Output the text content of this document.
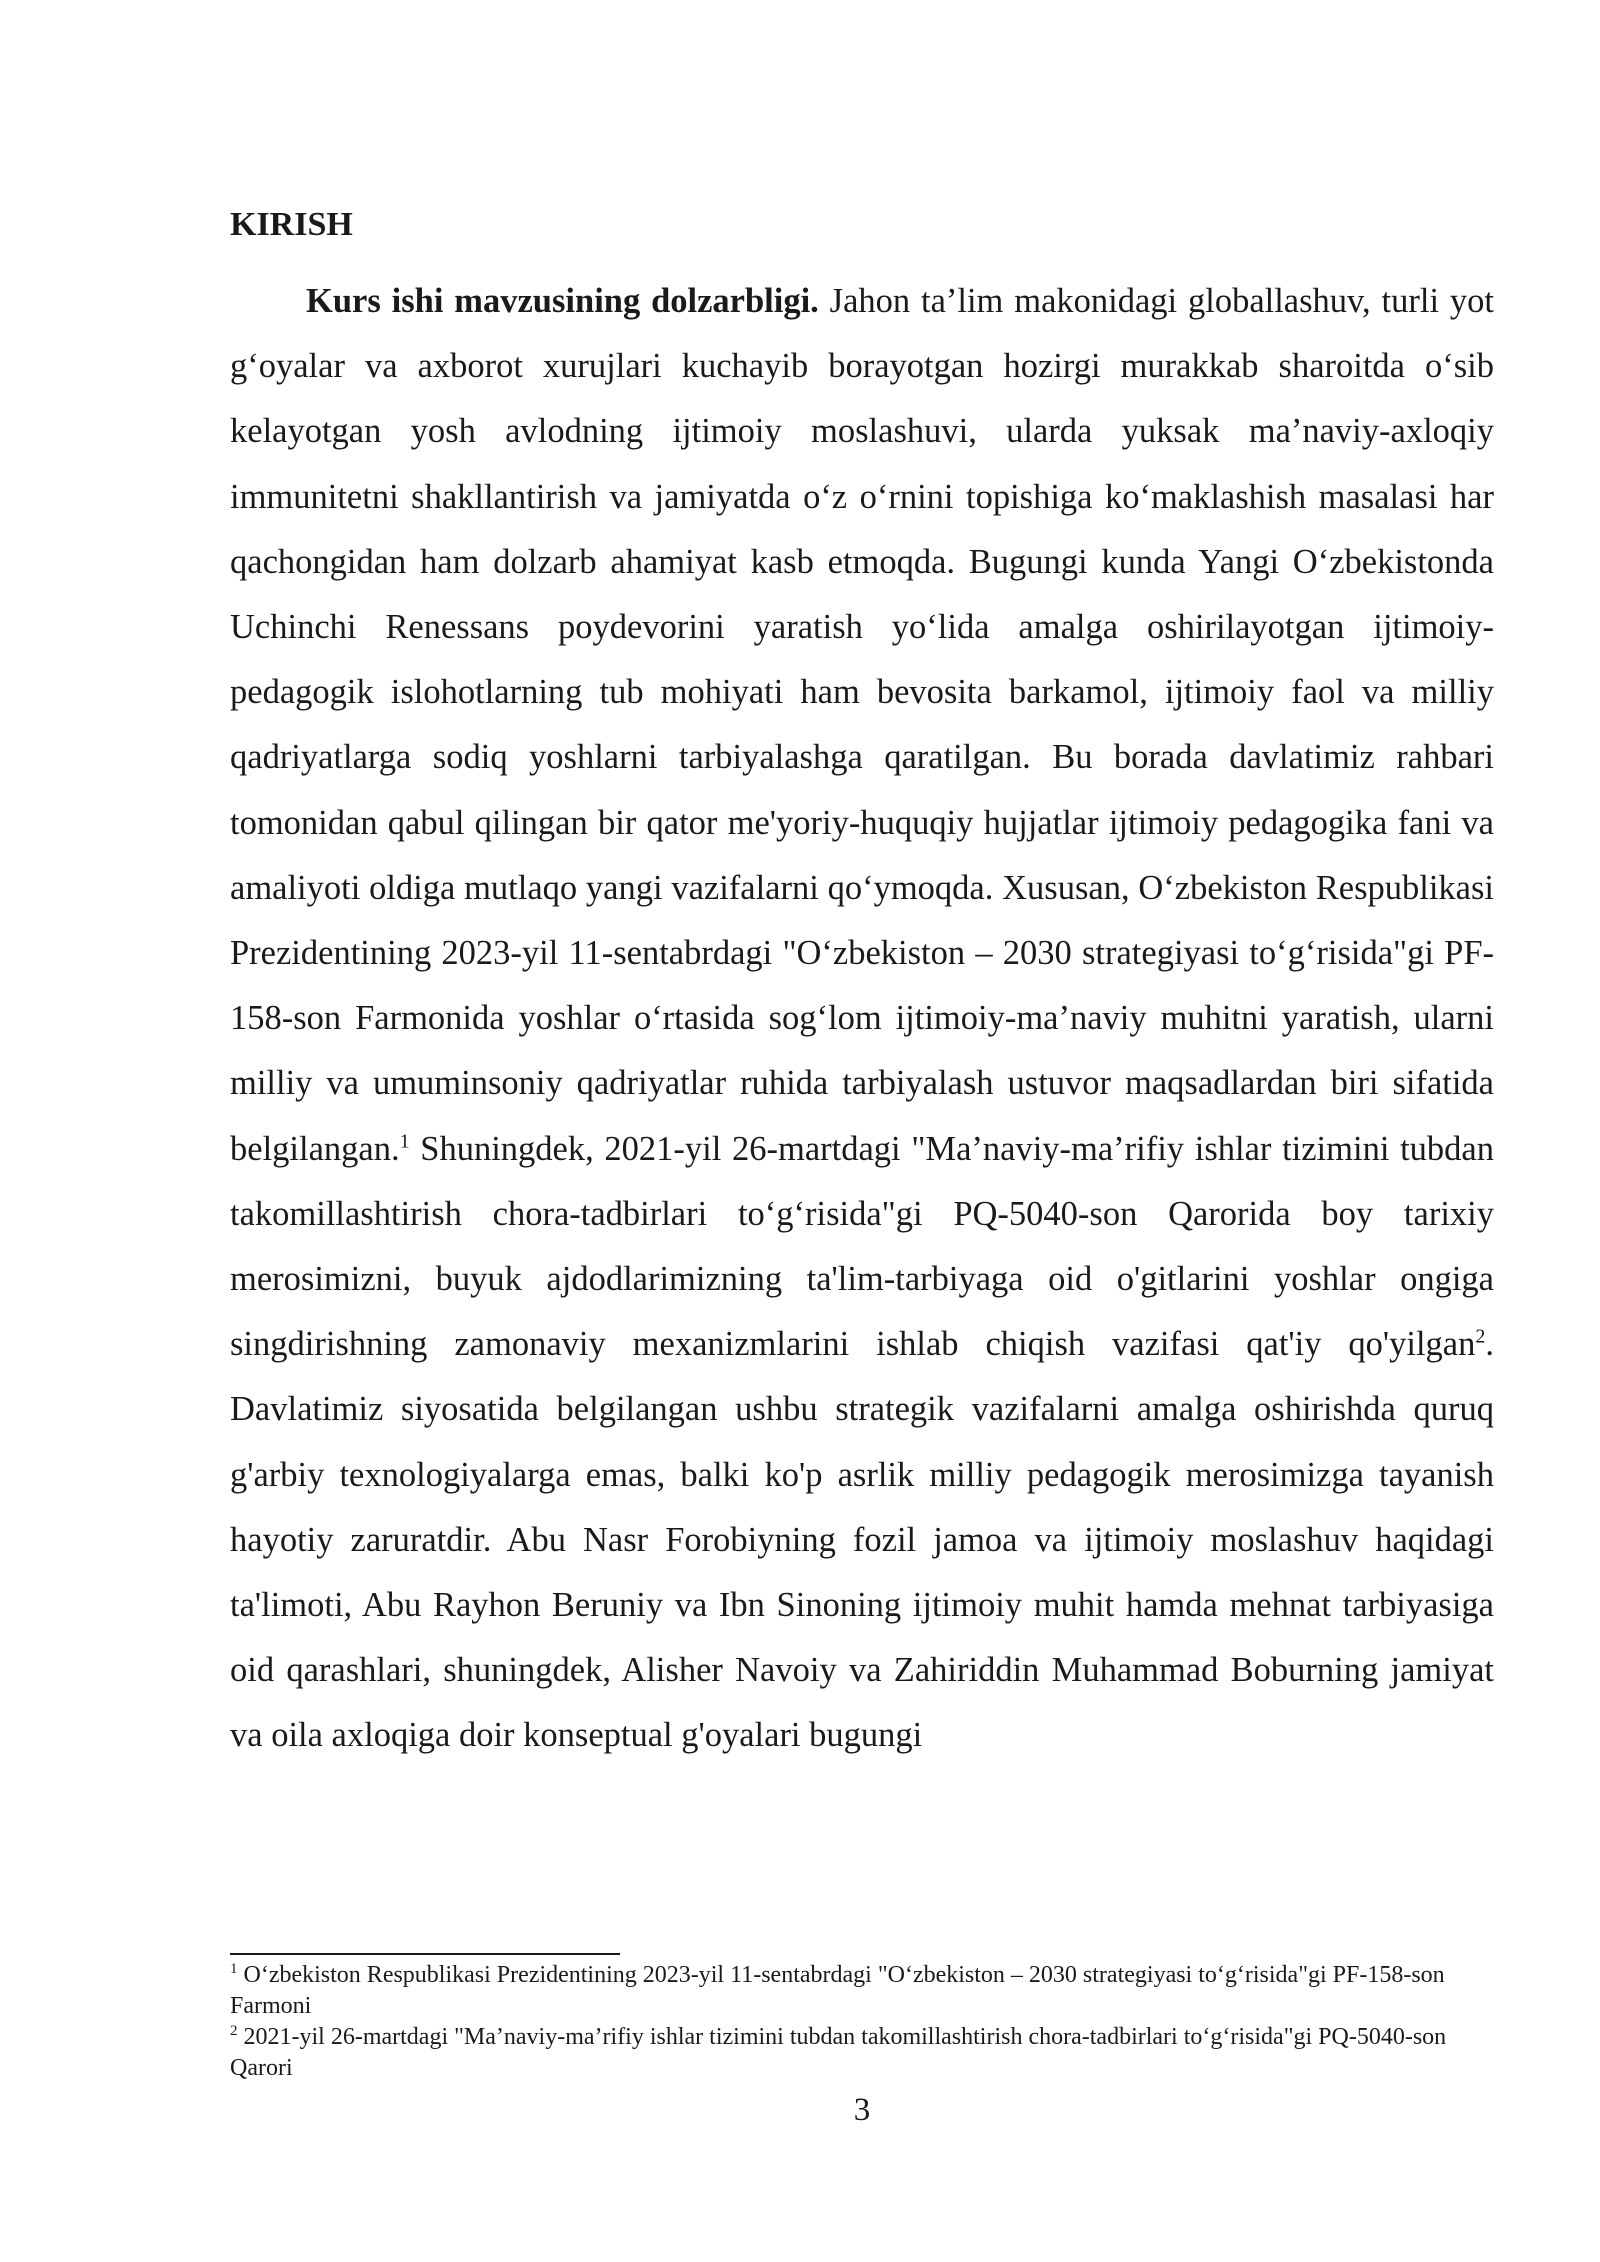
KIRISH

Kurs ishi mavzusining dolzarbligi. Jahon ta’lim makonidagi globallashuv, turli yot g‘oyalar va axborot xurujlari kuchayib borayotgan hozirgi murakkab sharoitda o‘sib kelayotgan yosh avlodning ijtimoiy moslashuvi, ularda yuksak ma’naviy-axloqiy immunitetni shakllantirish va jamiyatda o‘z o‘rnini topishiga ko‘maklashish masalasi har qachongidan ham dolzarb ahamiyat kasb etmoqda. Bugungi kunda Yangi O‘zbekistonda Uchinchi Renessans poydevorini yaratish yo‘lida amalga oshirilayotgan ijtimoiy-pedagogik islohotlarning tub mohiyati ham bevosita barkamol, ijtimoiy faol va milliy qadriyatlarga sodiq yoshlarni tarbiyalashga qaratilgan. Bu borada davlatimiz rahbari tomonidan qabul qilingan bir qator me'yoriy-huquqiy hujjatlar ijtimoiy pedagogika fani va amaliyoti oldiga mutlaqo yangi vazifalarni qo‘ymoqda. Xususan, O‘zbekiston Respublikasi Prezidentining 2023-yil 11-sentabrdagi "O‘zbekiston – 2030 strategiyasi to‘g‘risida"gi PF-158-son Farmonida yoshlar o‘rtasida sog‘lom ijtimoiy-ma’naviy muhitni yaratish, ularni milliy va umuminsoniy qadriyatlar ruhida tarbiyalash ustuvor maqsadlardan biri sifatida belgilangan.$^1$ Shuningdek, 2021-yil 26-martdagi "Ma’naviy-ma’rifiy ishlar tizimini tubdan takomillashtirish chora-tadbirlari to‘g‘risida"gi PQ-5040-son Qarorida boy tarixiy merosimizni, buyuk ajdodlarimizning ta'lim-tarbiyaga oid o'gitlarini yoshlar ongiga singdirishning zamonaviy mexanizmlarini ishlab chiqish vazifasi qat'iy qo'yilgan$^2$. Davlatimiz siyosatida belgilangan ushbu strategik vazifalarni amalga oshirishda quruq g'arbiy texnologiyalarga emas, balki ko'p asrlik milliy pedagogik merosimizga tayanish hayotiy zaruratdir. Abu Nasr Forobiyning fozil jamoa va ijtimoiy moslashuv haqidagi ta'limoti, Abu Rayhon Beruniy va Ibn Sinoning ijtimoiy muhit hamda mehnat tarbiyasiga oid qarashlari, shuningdek, Alisher Navoiy va Zahiriddin Muhammad Boburning jamiyat va oila axloqiga doir konseptual g'oyalari bugungi

$^1$ O‘zbekiston Respublikasi Prezidentining 2023-yil 11-sentabrdagi "O‘zbekiston – 2030 strategiyasi to‘g‘risida"gi PF-158-son Farmoni

$^2$ 2021-yil 26-martdagi "Ma’naviy-ma’rifiy ishlar tizimini tubdan takomillashtirish chora-tadbirlari to‘g‘risida"gi PQ-5040-son Qarori

3
